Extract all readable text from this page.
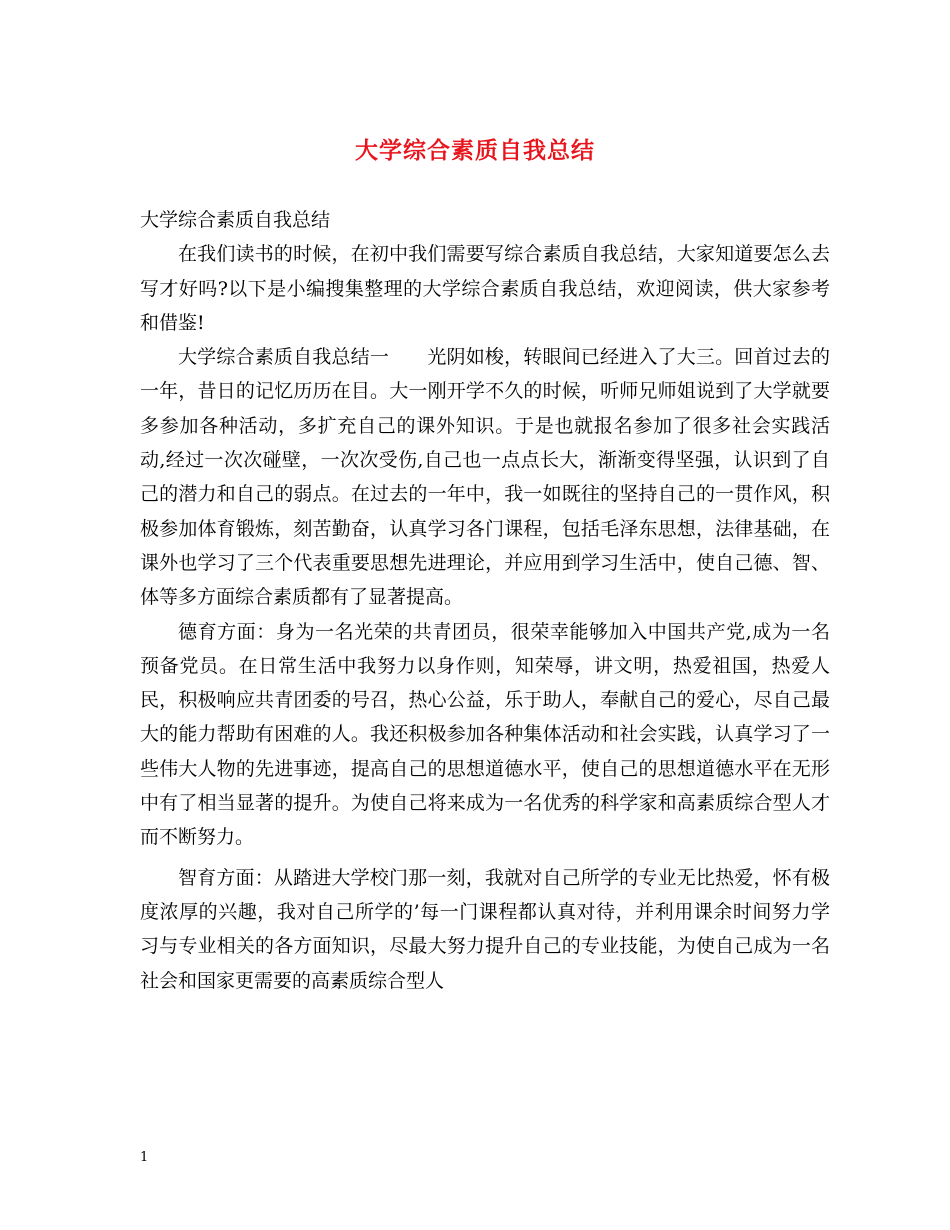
大学综合素质自我总结

大学综合素质自我总结

在我们读书的时候，在初中我们需要写综合素质自我总结，大家知道要怎么去写才好吗?以下是小编搜集整理的大学综合素质自我总结，欢迎阅读，供大家参考和借鉴!

大学综合素质自我总结一　　光阴如梭，转眼间已经进入了大三。回首过去的一年，昔日的记忆历历在目。大一刚开学不久的时候，听师兄师姐说到了大学就要多参加各种活动，多扩充自己的课外知识。于是也就报名参加了很多社会实践活动,经过一次次碰壁，一次次受伤,自己也一点点长大，渐渐变得坚强，认识到了自己的潜力和自己的弱点。在过去的一年中，我一如既往的坚持自己的一贯作风，积极参加体育锻炼，刻苦勤奋，认真学习各门课程，包括毛泽东思想，法律基础，在课外也学习了三个代表重要思想先进理论，并应用到学习生活中，使自己德、智、体等多方面综合素质都有了显著提高。

德育方面：身为一名光荣的共青团员，很荣幸能够加入中国共产党,成为一名预备党员。在日常生活中我努力以身作则，知荣辱，讲文明，热爱祖国，热爱人民，积极响应共青团委的号召，热心公益，乐于助人，奉献自己的爱心，尽自己最大的能力帮助有困难的人。我还积极参加各种集体活动和社会实践，认真学习了一些伟大人物的先进事迹，提高自己的思想道德水平，使自己的思想道德水平在无形中有了相当显著的提升。为使自己将来成为一名优秀的科学家和高素质综合型人才而不断努力。

智育方面：从踏进大学校门那一刻，我就对自己所学的专业无比热爱，怀有极度浓厚的兴趣，我对自己所学的’每一门课程都认真对待，并利用课余时间努力学习与专业相关的各方面知识，尽最大努力提升自己的专业技能，为使自己成为一名社会和国家更需要的高素质综合型人

1
